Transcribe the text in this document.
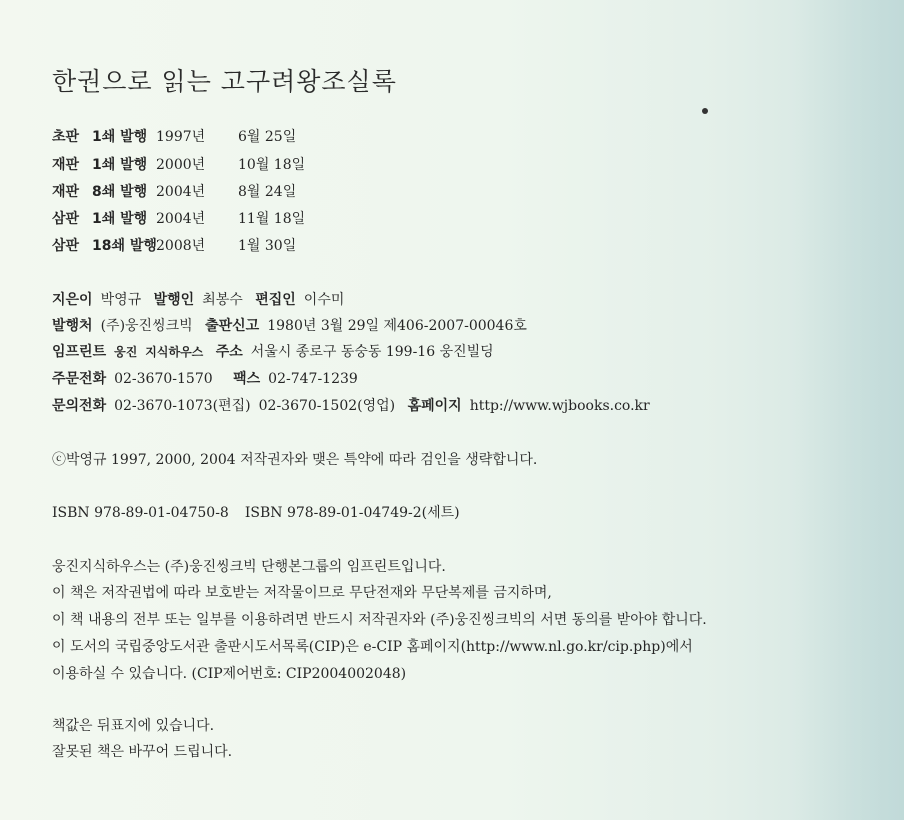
한권으로 읽는 고구려왕조실록
초판 1쇄 발행 1997년 6월 25일
재판 1쇄 발행 2000년 10월 18일
재판 8쇄 발행 2004년 8월 24일
삼판 1쇄 발행 2004년 11월 18일
삼판 18쇄 발행2008년 1월 30일
지은이 박영규 발행인 최봉수 편집인 이수미
발행처 (주)웅진씽크빅 출판신고 1980년 3월 29일 제406-2007-00046호
임프린트 웅진 지식하우스 주소 서울시 종로구 동숭동 199-16 웅진빌딩
주문전화 02-3670-1570 팩스 02-747-1239
문의전화 02-3670-1073(편집) 02-3670-1502(영업) 홈페이지 http://www.wjbooks.co.kr
ⓒ박영규 1997, 2000, 2004 저작권자와 맺은 특약에 따라 검인을 생략합니다.
ISBN 978-89-01-04750-8 ISBN 978-89-01-04749-2(세트)
웅진지식하우스는 (주)웅진씽크빅 단행본그룹의 임프린트입니다.
이 책은 저작권법에 따라 보호받는 저작물이므로 무단전재와 무단복제를 금지하며,
이 책 내용의 전부 또는 일부를 이용하려면 반드시 저작권자와 (주)웅진씽크빅의 서면 동의를 받아야 합니다.
이 도서의 국립중앙도서관 출판시도서목록(CIP)은 e-CIP 홈페이지(http://www.nl.go.kr/cip.php)에서
이용하실 수 있습니다. (CIP제어번호: CIP2004002048)
책값은 뒤표지에 있습니다.
잘못된 책은 바꾸어 드립니다.
